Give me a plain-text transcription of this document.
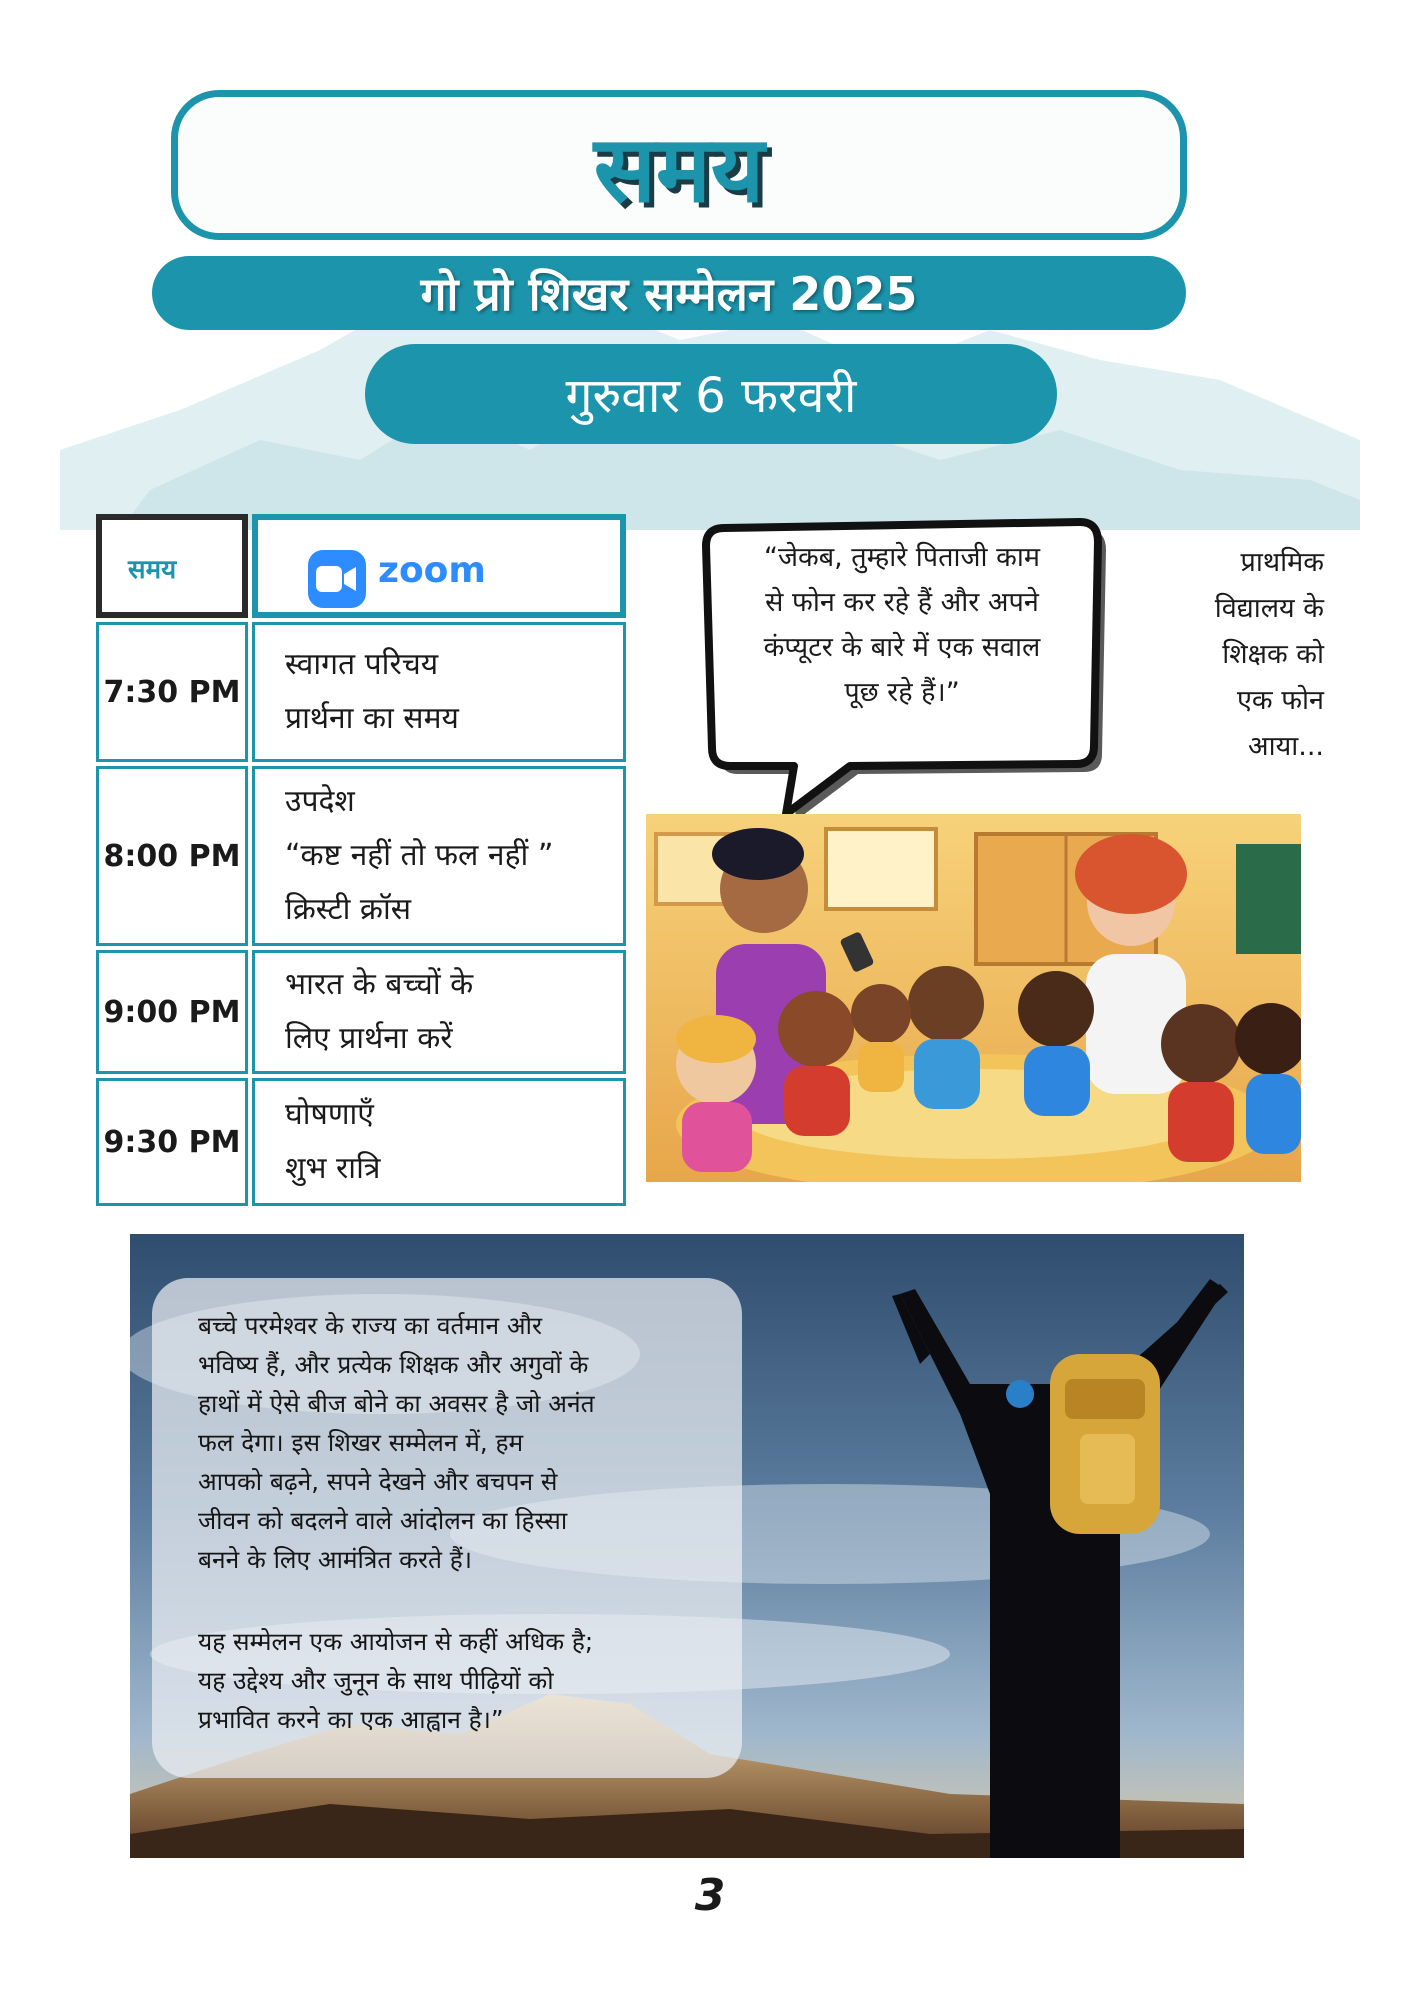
समय
गो प्रो शिखर सम्मेलन 2025
गुरुवार 6 फरवरी
समय	zoom
7:30 PM
स्वागत परिचय
प्रार्थना का समय
8:00 PM
उपदेश
“कष्ट नहीं तो फल नहीं ”
क्रिस्टी क्रॉस
9:00 PM
भारत के बच्चों के
लिए प्रार्थना करें
9:30 PM
घोषणाएँ
शुभ रात्रि
“जेकब, तुम्हारे पिताजी काम
से फोन कर रहे हैं और अपने
कंप्यूटर के बारे में एक सवाल
पूछ रहे हैं।”
प्राथमिक
विद्यालय के
शिक्षक को
एक फोन
आया...

बच्चे परमेश्वर के राज्य का वर्तमान और
भविष्य हैं, और प्रत्येक शिक्षक और अगुवों के
हाथों में ऐसे बीज बोने का अवसर है जो अनंत
फल देगा। इस शिखर सम्मेलन में, हम
आपको बढ़ने, सपने देखने और बचपन से
जीवन को बदलने वाले आंदोलन का हिस्सा
बनने के लिए आमंत्रित करते हैं।

यह सम्मेलन एक आयोजन से कहीं अधिक है;
यह उद्देश्य और जुनून के साथ पीढ़ियों को
प्रभावित करने का एक आह्वान है।”

3
